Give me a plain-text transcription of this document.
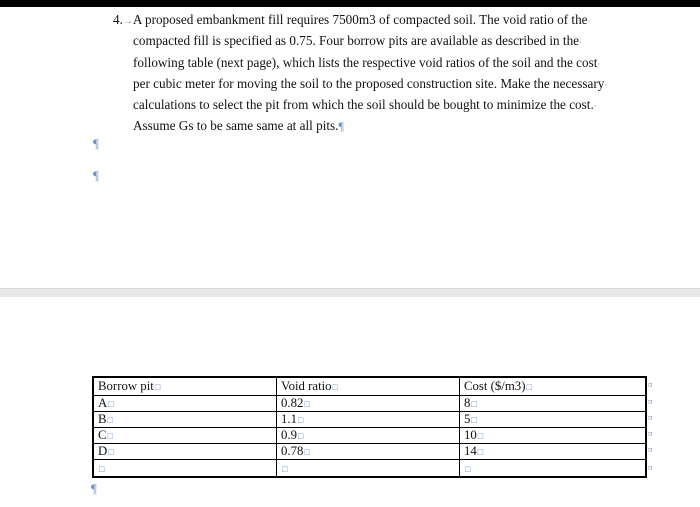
4.→A proposed embankment fill requires 7500m3 of compacted soil. The void ratio of the·
compacted fill is specified as 0.75. Four borrow pits are available as described in the·
following table (next page), which lists the respective void ratios of the soil and the cost·
per cubic meter for moving the soil to the proposed construction site. Make the necessary·
calculations to select the pit from which the soil should be bought to minimize the cost.·
Assume Gs to be same same at all pits.¶
¶
¶
Borrow pit□	Void ratio□	Cost ($/m3)□
A□	0.82□	8□
B□	1.1□	5□
C□	0.9□	10□
D□	0.78□	14□
□	□	□
¤
¤
¤
¤
¤
¤
¶
